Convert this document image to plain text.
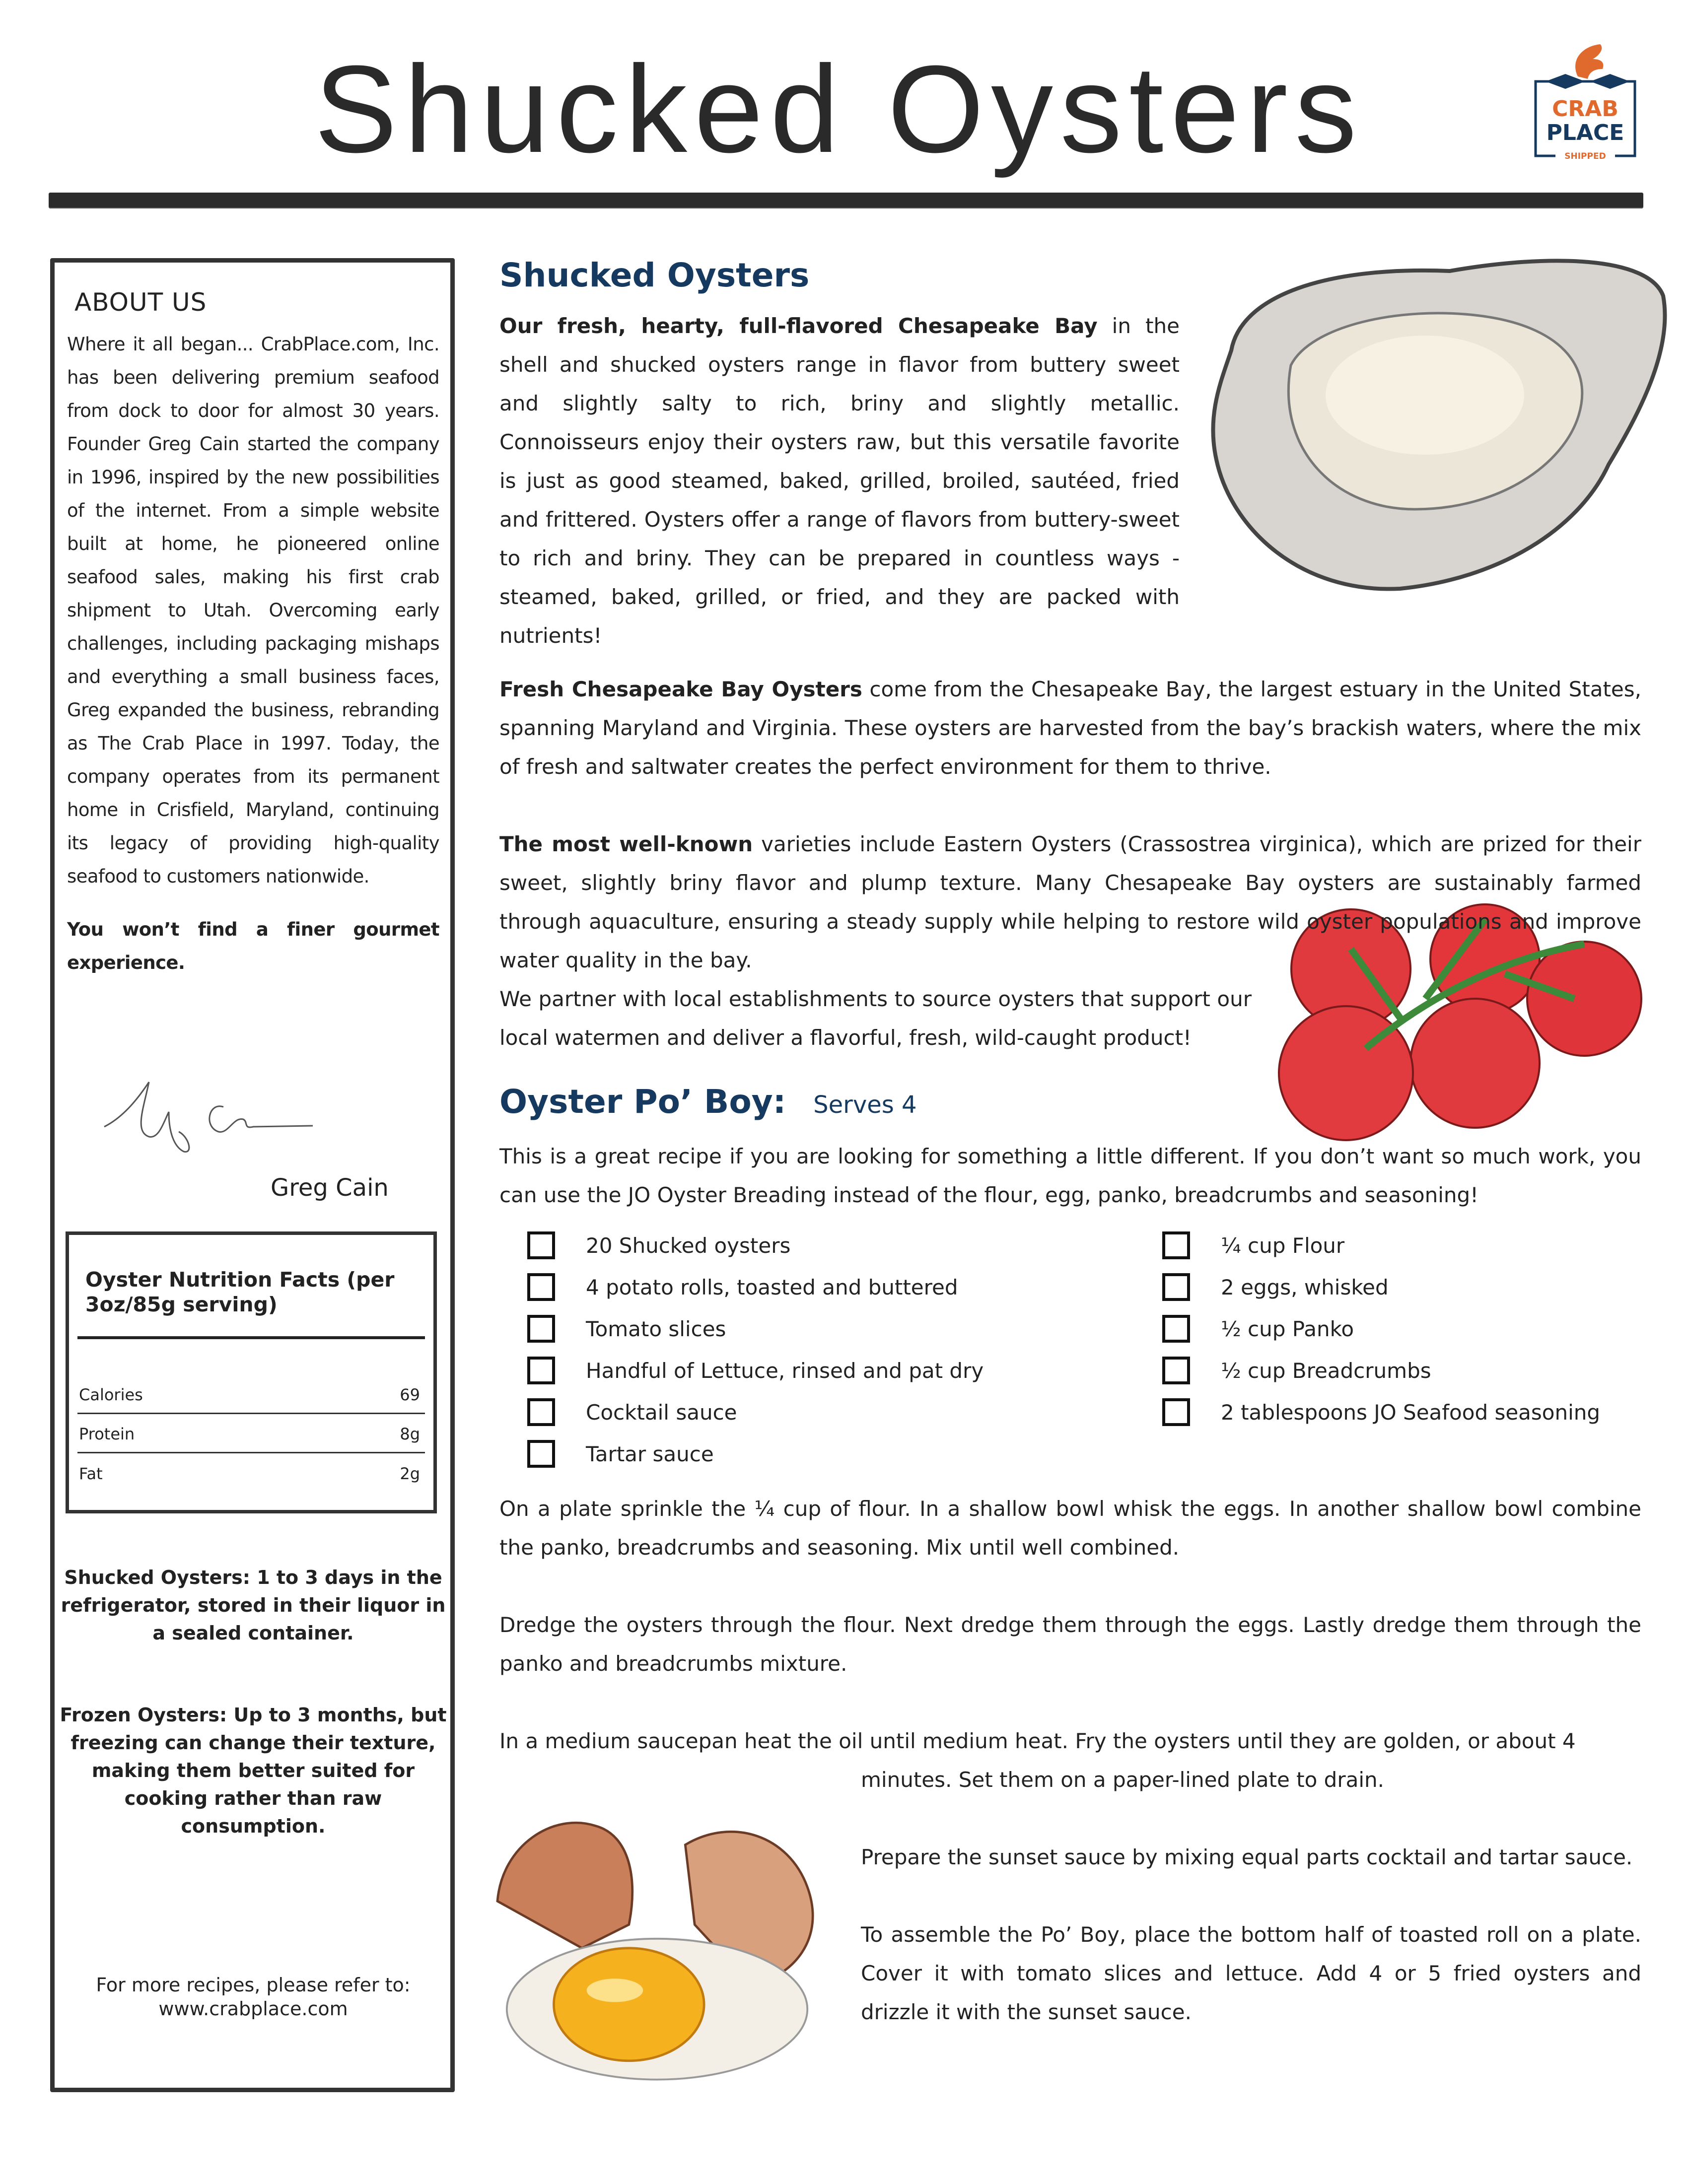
Shucked Oysters	CRAB
PLACE
SHIPPED
ABOUT US

Where it all began... CrabPlace.com, Inc. has been delivering premium seafood from dock to door for almost 30 years. Founder Greg Cain started the company in 1996, inspired by the new possibilities of the internet. From a simple website built at home, he pioneered online seafood sales, making his first crab shipment to Utah. Overcoming early challenges, including packaging mishaps and everything a small business faces, Greg expanded the business, rebranding as The Crab Place in 1997. Today, the company operates from its permanent home in Crisfield, Maryland, continuing its legacy of providing high-quality seafood to customers nationwide.

You won’t find a finer gourmet experience.

Greg Cain
Oyster Nutrition Facts (per 3oz/85g serving)
Calories	69
Protein	8g
Fat	2g
Shucked Oysters: 1 to 3 days in the refrigerator, stored in their liquor in a sealed container.
Frozen Oysters: Up to 3 months, but freezing can change their texture, making them better suited for cooking rather than raw consumption.
For more recipes, please refer to: www.crabplace.com
Shucked Oysters

Our fresh, hearty, full-flavored Chesapeake Bay in the shell and shucked oysters range in flavor from buttery sweet and slightly salty to rich, briny and slightly metallic. Connoisseurs enjoy their oysters raw, but this versatile favorite is just as good steamed, baked, grilled, broiled, sautéed, fried and frittered. Oysters offer a range of flavors from buttery-sweet to rich and briny. They can be prepared in countless ways - steamed, baked, grilled, or fried, and they are packed with nutrients!

Fresh Chesapeake Bay Oysters come from the Chesapeake Bay, the largest estuary in the United States, spanning Maryland and Virginia. These oysters are harvested from the bay’s brackish waters, where the mix of fresh and saltwater creates the perfect environment for them to thrive.

The most well-known varieties include Eastern Oysters (Crassostrea virginica), which are prized for their sweet, slightly briny flavor and plump texture. Many Chesapeake Bay oysters are sustainably farmed through aquaculture, ensuring a steady supply while helping to restore wild oyster populations and improve water quality in the bay.

We partner with local establishments to source oysters that support our local watermen and deliver a flavorful, fresh, wild-caught product!

Oyster Po’ Boy: Serves 4

This is a great recipe if you are looking for something a little different. If you don’t want so much work, you can use the JO Oyster Breading instead of the flour, egg, panko, breadcrumbs and seasoning!

20 Shucked oysters
4 potato rolls, toasted and buttered
Tomato slices
Handful of Lettuce, rinsed and pat dry
Cocktail sauce
Tartar sauce
¼ cup Flour
2 eggs, whisked
½ cup Panko
½ cup Breadcrumbs
2 tablespoons JO Seafood seasoning

On a plate sprinkle the ¼ cup of flour. In a shallow bowl whisk the eggs. In another shallow bowl combine the panko, breadcrumbs and seasoning. Mix until well combined.

Dredge the oysters through the flour. Next dredge them through the eggs. Lastly dredge them through the panko and breadcrumbs mixture.

In a medium saucepan heat the oil until medium heat. Fry the oysters until they are golden, or about 4

minutes. Set them on a paper-lined plate to drain.

Prepare the sunset sauce by mixing equal parts cocktail and tartar sauce.

To assemble the Po’ Boy, place the bottom half of toasted roll on a plate. Cover it with tomato slices and lettuce. Add 4 or 5 fried oysters and drizzle it with the sunset sauce.
